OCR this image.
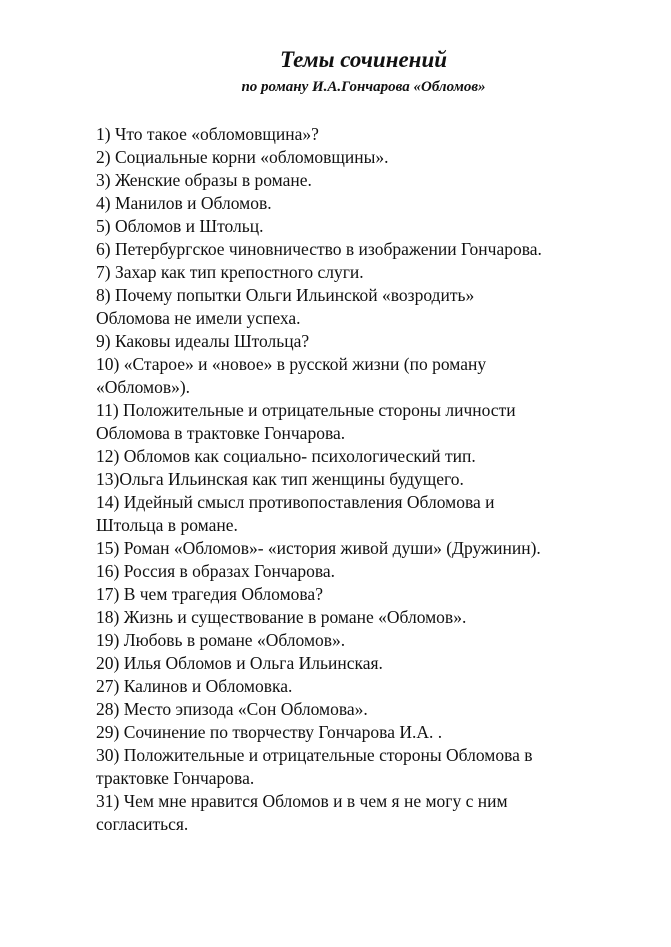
Темы сочинений
по роману И.А.Гончарова «Обломов»
1) Что такое «обломовщина»?
2) Социальные корни «обломовщины».
3) Женские образы в романе.
4) Манилов и Обломов.
5) Обломов и Штольц.
6) Петербургское чиновничество в изображении Гончарова.
7) Захар как тип крепостного слуги.
8) Почему попытки Ольги Ильинской «возродить»
Обломова не имели успеха.
9) Каковы идеалы Штольца?
10) «Старое» и «новое» в русской жизни (по роману
«Обломов»).
11) Положительные и отрицательные стороны личности
Обломова в трактовке Гончарова.
12) Обломов как социально- психологический тип.
13)Ольга Ильинская как тип женщины будущего.
14) Идейный смысл противопоставления Обломова и
Штольца в романе.
15) Роман «Обломов»- «история живой души» (Дружинин).
16) Россия в образах Гончарова.
17) В чем трагедия Обломова?
18) Жизнь и существование в романе «Обломов».
19) Любовь в романе «Обломов».
20) Илья Обломов и Ольга Ильинская.
27) Калинов и Обломовка.
28) Место эпизода «Сон Обломова».
29) Сочинение по творчеству Гончарова И.А. .
30) Положительные и отрицательные стороны Обломова в
трактовке Гончарова.
31) Чем мне нравится Обломов и в чем я не могу с ним
согласиться.
